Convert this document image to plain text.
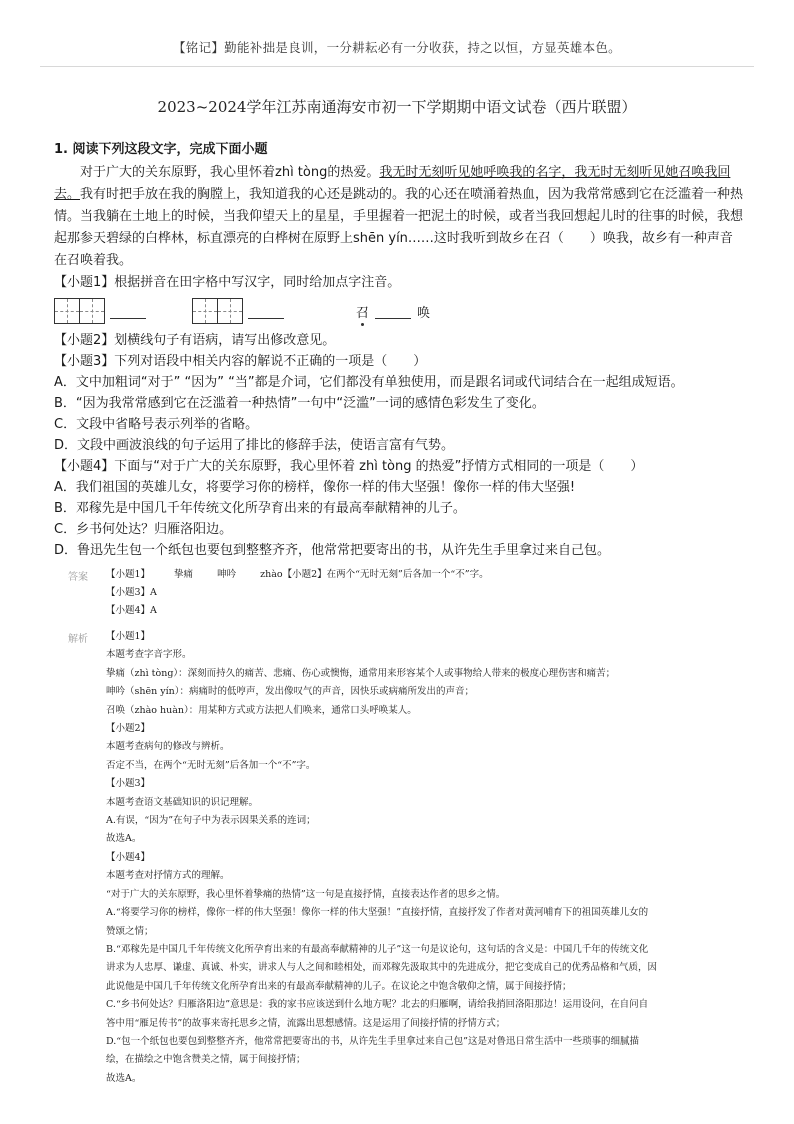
【铭记】勤能补拙是良训，一分耕耘必有一分收获，持之以恒，方显英雄本色。
2023~2024学年江苏南通海安市初一下学期期中语文试卷（西片联盟）

1. 阅读下列这段文字，完成下面小题

对于广大的关东原野，我心里怀着zhì tòng的热爱。我无时无刻听见她呼唤我的名字，我无时无刻听见她召唤我回去。我有时把手放在我的胸膛上，我知道我的心还是跳动的。我的心还在喷涌着热血，因为我常常感到它在泛滥着一种热情。当我躺在土地上的时候，当我仰望天上的星星，手里握着一把泥土的时候，或者当我回想起儿时的往事的时候，我想起那参天碧绿的白桦林，标直漂亮的白桦树在原野上shēn yín……这时我听到故乡在召（　　）唤我，故乡有一种声音在召唤着我。

【小题1】根据拼音在田字格中写汉字，同时给加点字注音。

召	唤

【小题2】划横线句子有语病，请写出修改意见。

【小题3】下列对语段中相关内容的解说不正确的一项是（　　）

A．文中加粗词“对于” “因为” “当”都是介词，它们都没有单独使用，而是跟名词或代词结合在一起组成短语。

B．“因为我常常感到它在泛滥着一种热情”一句中“泛滥”一词的感情色彩发生了变化。

C．文段中省略号表示列举的省略。

D．文段中画波浪线的句子运用了排比的修辞手法，使语言富有气势。

【小题4】下面与“对于广大的关东原野，我心里怀着 zhì tòng 的热爱”抒情方式相同的一项是（　　）

A．我们祖国的英雄儿女，将要学习你的榜样，像你一样的伟大坚强！像你一样的伟大坚强!

B．邓稼先是中国几千年传统文化所孕育出来的有最高奉献精神的儿子。

C．乡书何处达？归雁洛阳边。

D．鲁迅先生包一个纸包也要包到整整齐齐，他常常把要寄出的书，从许先生手里拿过来自己包。

答案 【小题1】	挚痛	呻吟	zhào【小题2】在两个“无时无刻”后各加一个“不”字。

【小题3】A

【小题4】A

解析 【小题1】

本题考查字音字形。

挚痛（zhì tòng）：深刻而持久的痛苦、悲痛、伤心或懊悔，通常用来形容某个人或事物给人带来的极度心理伤害和痛苦；

呻吟（shēn yín）：病痛时的低哼声，发出像叹气的声音，因快乐或病痛所发出的声音；

召唤（zhào huàn）：用某种方式或方法把人们唤来，通常口头呼唤某人。

【小题2】

本题考查病句的修改与辨析。

否定不当，在两个“无时无刻”后各加一个“不”字。

【小题3】

本题考查语文基础知识的识记理解。

A.有误，“因为”在句子中为表示因果关系的连词；

故选A。

【小题4】

本题考查对抒情方式的理解。

“对于广大的关东原野，我心里怀着挚痛的热情”这一句是直接抒情，直接表达作者的思乡之情。

A.“将要学习你的榜样，像你一样的伟大坚强！像你一样的伟大坚强！”直接抒情，直接抒发了作者对黄河哺育下的祖国英雄儿女的

赞颂之情；

B.“邓稼先是中国几千年传统文化所孕育出来的有最高奉献精神的儿子”这一句是议论句，这句话的含义是：中国几千年的传统文化

讲求为人忠厚、谦虚、真诚、朴实，讲求人与人之间和睦相处，而邓稼先汲取其中的先进成分，把它变成自己的优秀品格和气质，因

此说他是中国几千年传统文化所孕育出来的有最高奉献精神的儿子。在议论之中饱含敬仰之情，属于间接抒情；

C.“乡书何处达？归雁洛阳边”意思是：我的家书应该送到什么地方呢？北去的归雁啊，请给我捎回洛阳那边！运用设问，在自问自

答中用“雁足传书”的故事来寄托思乡之情，流露出思想感情。这是运用了间接抒情的抒情方式；

D.“包一个纸包也要包到整整齐齐，他常常把要寄出的书，从许先生手里拿过来自己包”这是对鲁迅日常生活中一些琐事的细腻描

绘，在描绘之中饱含赞美之情，属于间接抒情；

故选A。
